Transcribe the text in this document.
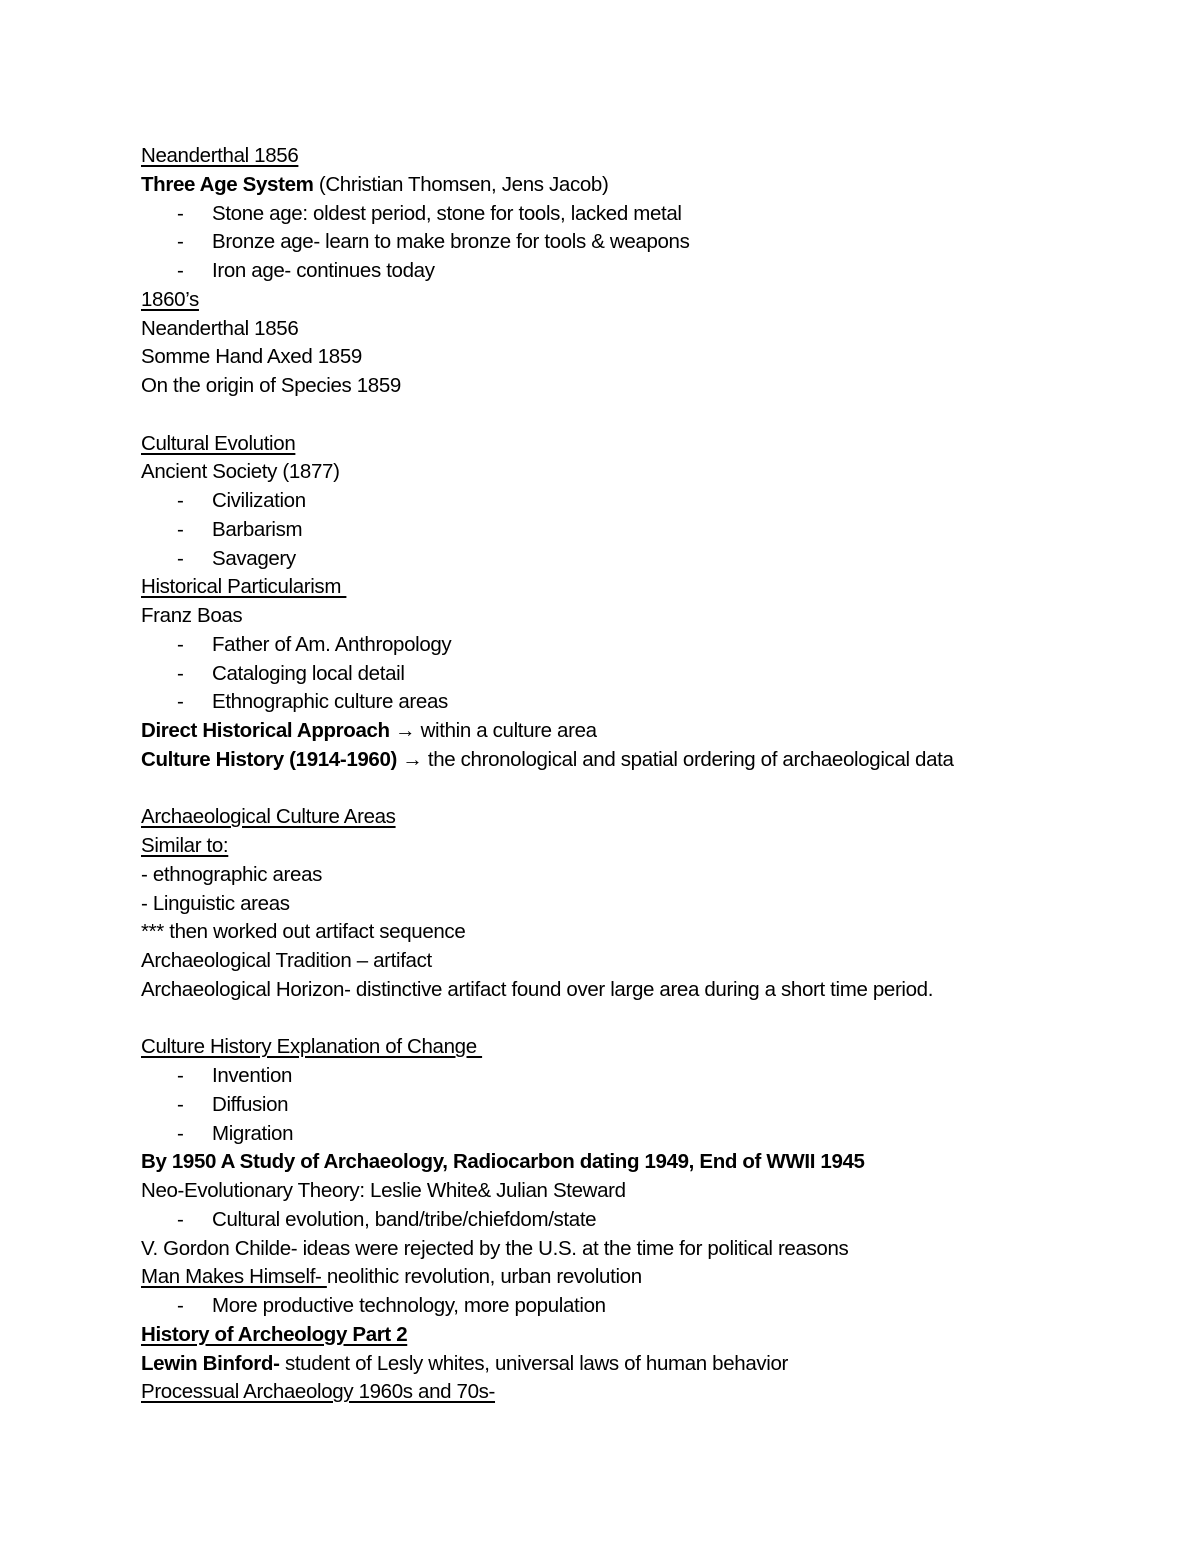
Neanderthal 1856
Three Age System (Christian Thomsen, Jens Jacob)
- Stone age: oldest period, stone for tools, lacked metal
- Bronze age- learn to make bronze for tools & weapons
- Iron age- continues today
1860’s
Neanderthal 1856
Somme Hand Axed 1859
On the origin of Species 1859
Cultural Evolution
Ancient Society (1877)
- Civilization
- Barbarism
- Savagery
Historical Particularism
Franz Boas
- Father of Am. Anthropology
- Cataloging local detail
- Ethnographic culture areas
Direct Historical Approach → within a culture area
Culture History (1914-1960) → the chronological and spatial ordering of archaeological data
Archaeological Culture Areas
Similar to:
- ethnographic areas
- Linguistic areas
*** then worked out artifact sequence
Archaeological Tradition – artifact
Archaeological Horizon- distinctive artifact found over large area during a short time period.
Culture History Explanation of Change
- Invention
- Diffusion
- Migration
By 1950 A Study of Archaeology, Radiocarbon dating 1949, End of WWII 1945
Neo-Evolutionary Theory: Leslie White& Julian Steward
- Cultural evolution, band/tribe/chiefdom/state
V. Gordon Childe- ideas were rejected by the U.S. at the time for political reasons
Man Makes Himself- neolithic revolution, urban revolution
- More productive technology, more population
History of Archeology Part 2
Lewin Binford- student of Lesly whites, universal laws of human behavior
Processual Archaeology 1960s and 70s-
